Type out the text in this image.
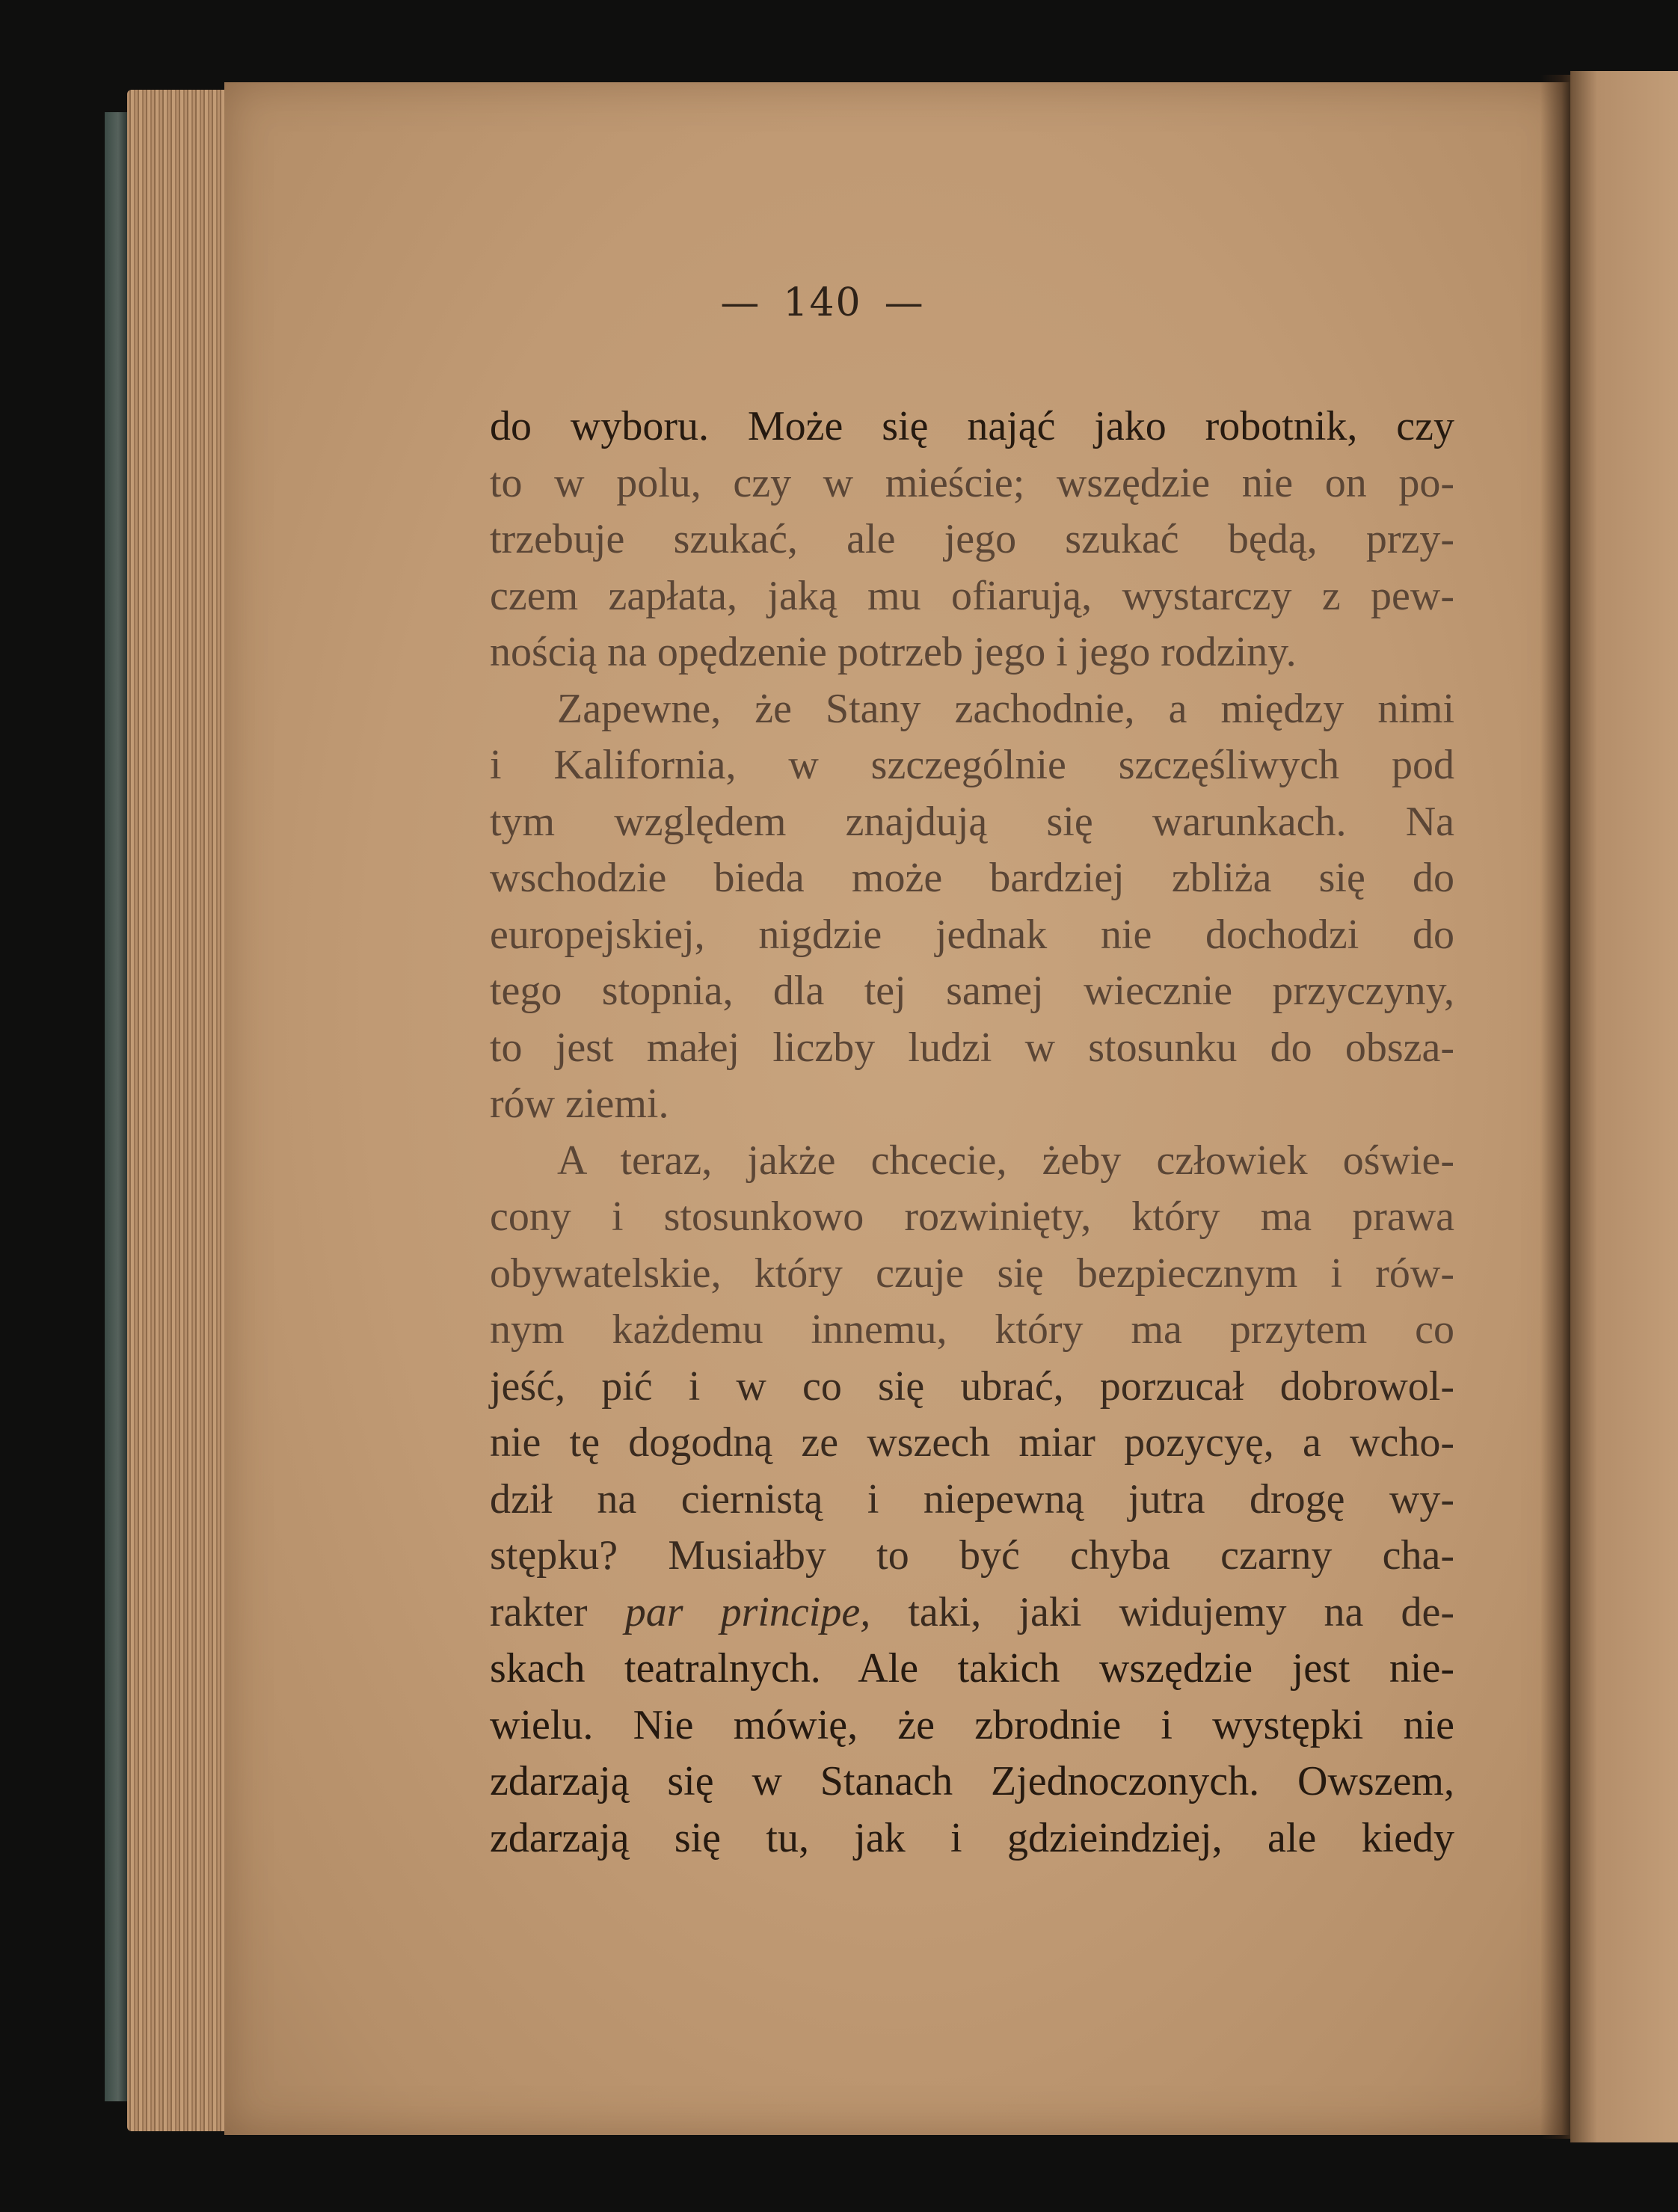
— 140 —
do wyboru. Może się nająć jako robotnik, czy
to w polu, czy w mieście; wszędzie nie on po-
trzebuje szukać, ale jego szukać będą, przy-
czem zapłata, jaką mu ofiarują, wystarczy z pew-
nością na opędzenie potrzeb jego i jego rodziny.
Zapewne, że Stany zachodnie, a między nimi
i Kalifornia, w szczególnie szczęśliwych pod
tym względem znajdują się warunkach. Na
wschodzie bieda może bardziej zbliża się do
europejskiej, nigdzie jednak nie dochodzi do
tego stopnia, dla tej samej wiecznie przyczyny,
to jest małej liczby ludzi w stosunku do obsza-
rów ziemi.
A teraz, jakże chcecie, żeby człowiek oświe-
cony i stosunkowo rozwinięty, który ma prawa
obywatelskie, który czuje się bezpiecznym i rów-
nym każdemu innemu, który ma przytem co
jeść, pić i w co się ubrać, porzucał dobrowol-
nie tę dogodną ze wszech miar pozycyę, a wcho-
dził na ciernistą i niepewną jutra drogę wy-
stępku? Musiałby to być chyba czarny cha-
rakter par principe, taki, jaki widujemy na de-
skach teatralnych. Ale takich wszędzie jest nie-
wielu. Nie mówię, że zbrodnie i występki nie
zdarzają się w Stanach Zjednoczonych. Owszem,
zdarzają się tu, jak i gdzieindziej, ale kiedy
